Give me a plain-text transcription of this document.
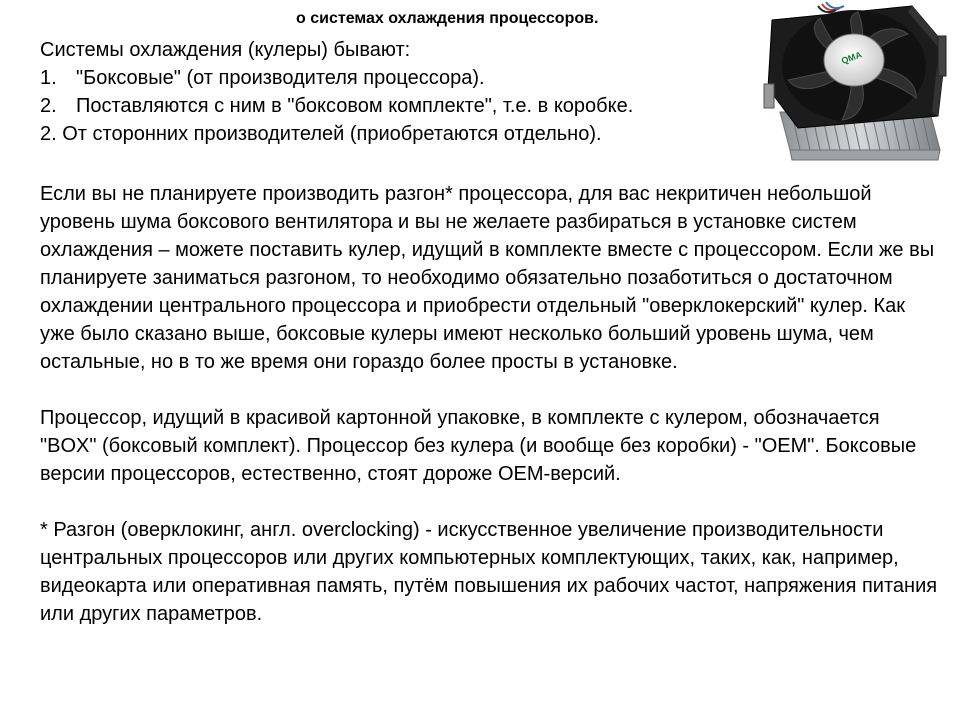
о системах охлаждения процессоров.

Системы охлаждения (кулеры) бывают:

1. "Боксовые" (от производителя процессора).

2. Поставляются с ним в "боксовом комплекте", т.е. в коробке.

2. От сторонних производителей (приобретаются отдельно).

Если вы не планируете производить разгон* процессора, для вас некритичен небольшой уровень шума боксового вентилятора и вы не желаете разбираться в установке систем охлаждения – можете поставить кулер, идущий в комплекте вместе с процессором. Если же вы планируете заниматься разгоном, то необходимо обязательно позаботиться о достаточном охлаждении центрального процессора и приобрести отдельный "оверклокерский" кулер. Как уже было сказано выше, боксовые кулеры имеют несколько больший уровень шума, чем остальные, но в то же время они гораздо более просты в установке.

Процессор, идущий в красивой картонной упаковке, в комплекте с кулером, обозначается "BOX" (боксовый комплект). Процессор без кулера (и вообще без коробки) - "OEM". Боксовые версии процессоров, естественно, стоят дороже OEM-версий.

* Разгон (оверклокинг, англ. overclocking) - искусственное увеличение производительности центральных процессоров или других компьютерных комплектующих, таких, как, например, видеокарта или оперативная память, путём повышения их рабочих частот, напряжения питания или других параметров.

QMA
